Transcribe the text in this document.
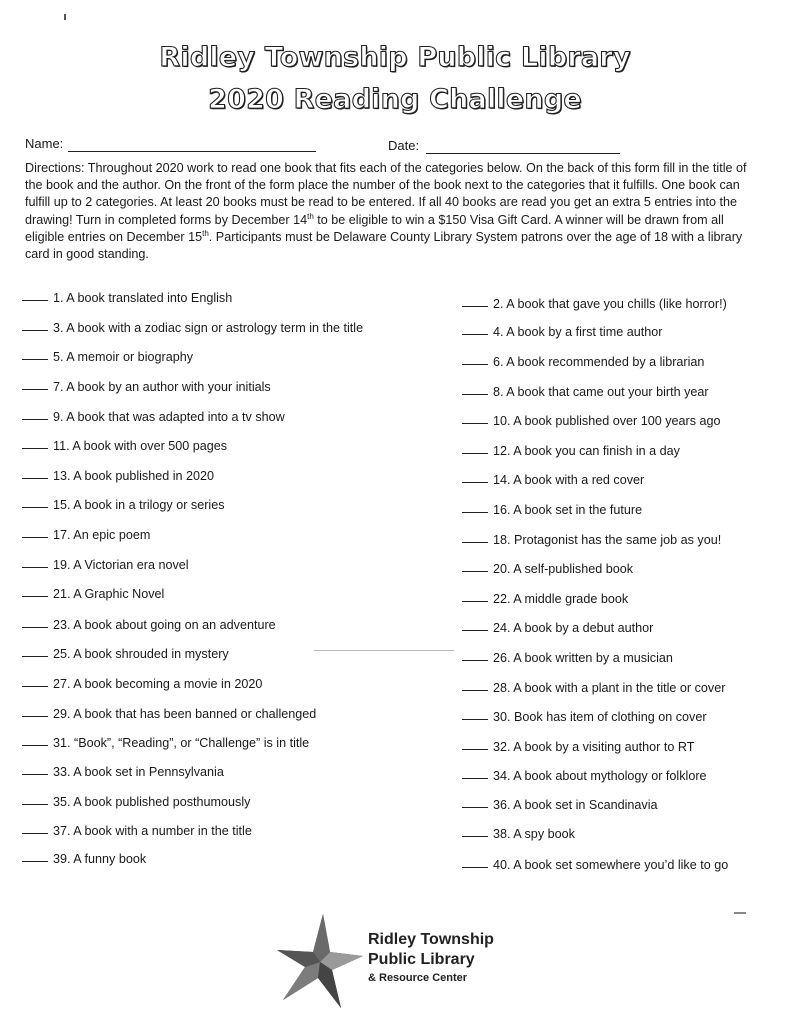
Ridley Township Public Library
2020 Reading Challenge
Name:	Date:

Directions: Throughout 2020 work to read one book that fits each of the categories below. On the back of this form fill in the title of the book and the author. On the front of the form place the number of the book next to the categories that it fulfills. One book can fulfill up to 2 categories. At least 20 books must be read to be entered. If all 40 books are read you get an extra 5 entries into the drawing! Turn in completed forms by December 14th to be eligible to win a $150 Visa Gift Card. A winner will be drawn from all eligible entries on December 15th. Participants must be Delaware County Library System patrons over the age of 18 with a library card in good standing.

1. A book translated into English	2. A book that gave you chills (like horror!)
3. A book with a zodiac sign or astrology term in the title	4. A book by a first time author
5. A memoir or biography	6. A book recommended by a librarian
7. A book by an author with your initials	8. A book that came out your birth year
9. A book that was adapted into a tv show	10. A book published over 100 years ago
11. A book with over 500 pages	12. A book you can finish in a day
13. A book published in 2020	14. A book with a red cover
15. A book in a trilogy or series	16. A book set in the future
17. An epic poem	18. Protagonist has the same job as you!
19. A Victorian era novel	20. A self-published book
21. A Graphic Novel	22. A middle grade book
23. A book about going on an adventure	24. A book by a debut author
25. A book shrouded in mystery	26. A book written by a musician
27. A book becoming a movie in 2020	28. A book with a plant in the title or cover
29. A book that has been banned or challenged	30. Book has item of clothing on cover
31. “Book”, “Reading”, or “Challenge” is in title	32. A book by a visiting author to RT
33. A book set in Pennsylvania	34. A book about mythology or folklore
35. A book published posthumously	36. A book set in Scandinavia
37. A book with a number in the title	38. A spy book
39. A funny book	40. A book set somewhere you’d like to go
Ridley Township
Public Library
& Resource Center
